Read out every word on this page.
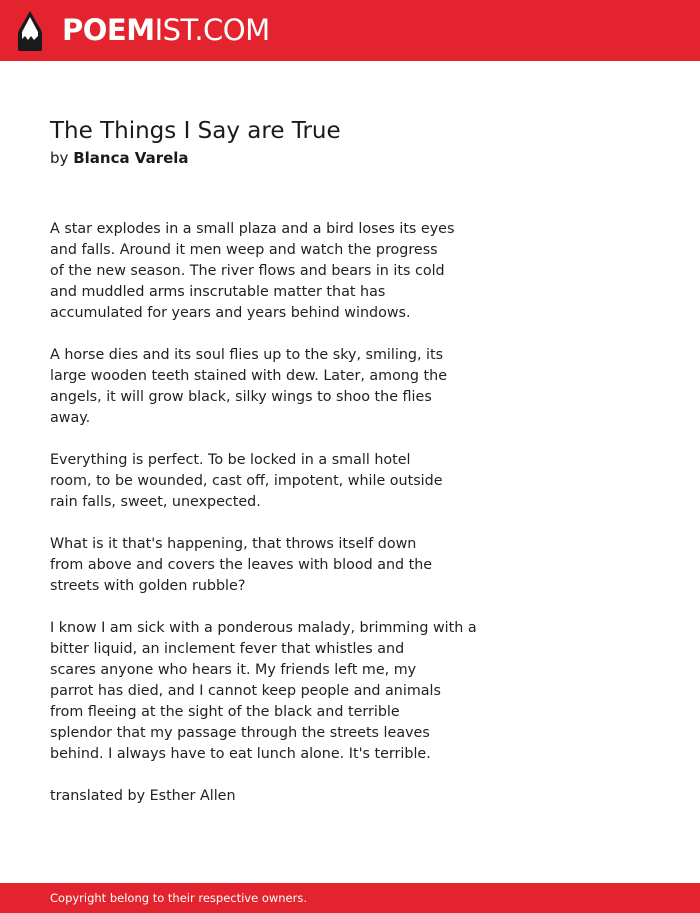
POEMIST.COM
The Things I Say are True
by Blanca Varela

A star explodes in a small plaza and a bird loses its eyes
and falls. Around it men weep and watch the progress
of the new season. The river flows and bears in its cold
and muddled arms inscrutable matter that has
accumulated for years and years behind windows.

A horse dies and its soul flies up to the sky, smiling, its
large wooden teeth stained with dew. Later, among the
angels, it will grow black, silky wings to shoo the flies
away.

Everything is perfect. To be locked in a small hotel
room, to be wounded, cast off, impotent, while outside
rain falls, sweet, unexpected.

What is it that's happening, that throws itself down
from above and covers the leaves with blood and the
streets with golden rubble?

I know I am sick with a ponderous malady, brimming with a
bitter liquid, an inclement fever that whistles and
scares anyone who hears it. My friends left me, my
parrot has died, and I cannot keep people and animals
from fleeing at the sight of the black and terrible
splendor that my passage through the streets leaves
behind. I always have to eat lunch alone. It's terrible.

translated by Esther Allen

Copyright belong to their respective owners.
